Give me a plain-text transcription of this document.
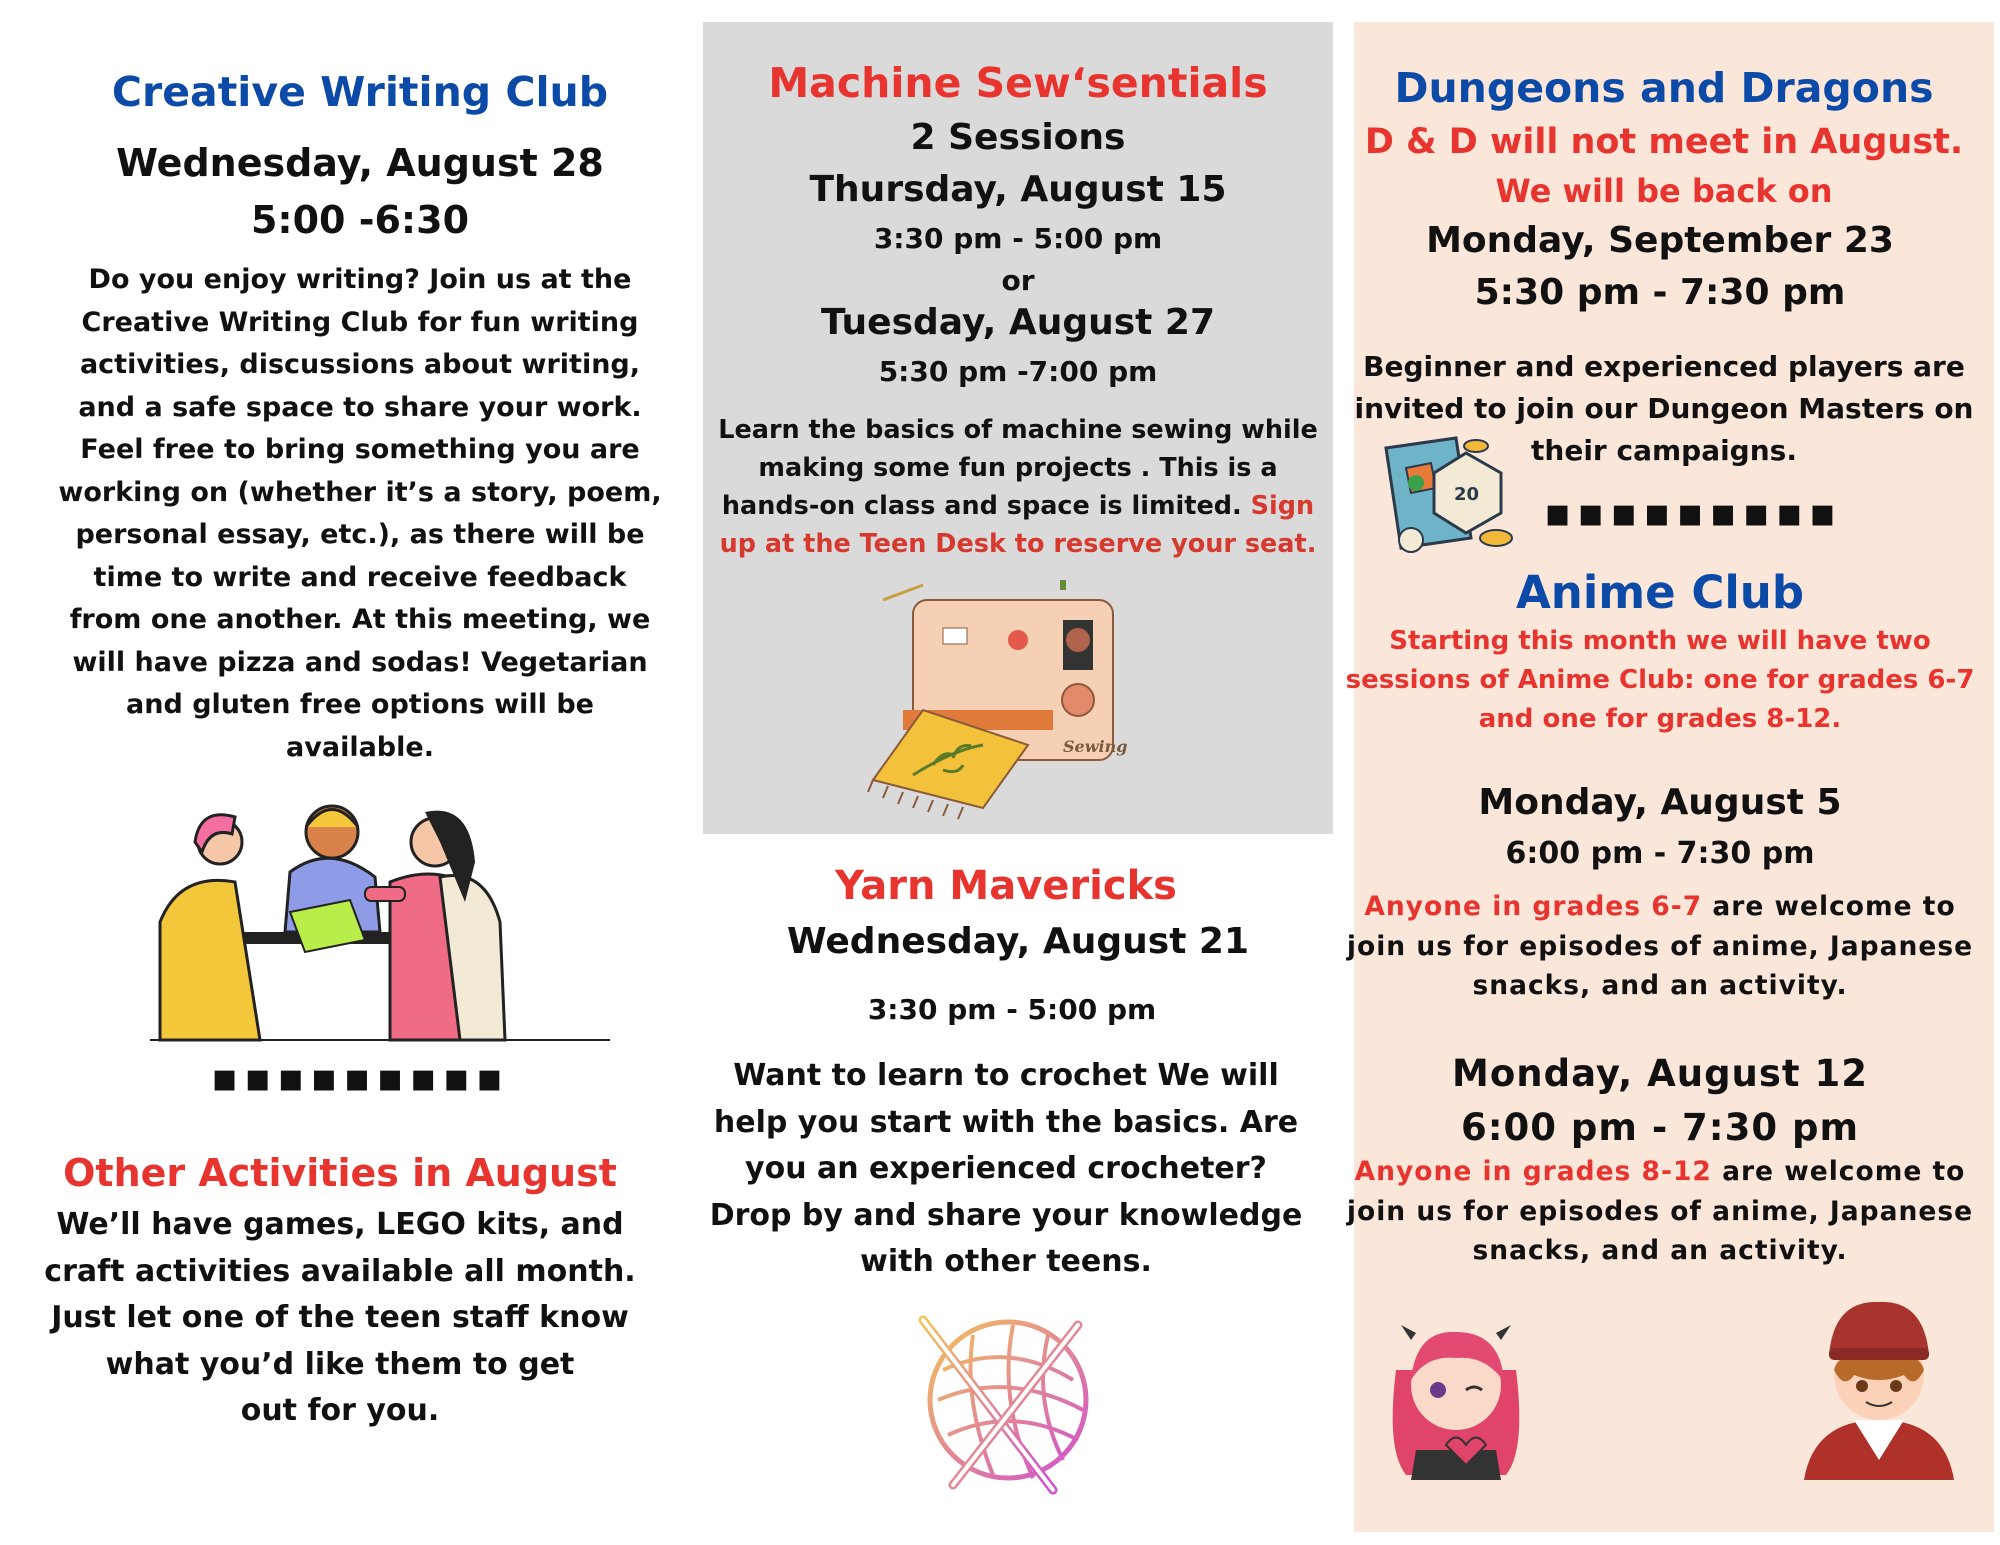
Creative Writing Club
Wednesday, August 28
5:00 -6:30
Do you enjoy writing? Join us at the
Creative Writing Club for fun writing
activities, discussions about writing,
and a safe space to share your work.
Feel free to bring something you are
working on (whether it’s a story, poem,
personal essay, etc.), as there will be
time to write and receive feedback
from one another. At this meeting, we
will have pizza and sodas! Vegetarian
and gluten free options will be
available.
▪▪▪▪▪▪▪▪▪
Other Activities in August
We’ll have games, LEGO kits, and
craft activities available all month.
Just let one of the teen staff know
what you’d like them to get
out for you.
Machine Sew‘sentials
2 Sessions
Thursday, August 15
3:30 pm - 5:00 pm
or
Tuesday, August 27
5:30 pm -7:00 pm
Learn the basics of machine sewing while
making some fun projects . This is a
hands-on class and space is limited. Sign
up at the Teen Desk to reserve your seat.
Sewing
Yarn Mavericks
Wednesday, August 21
3:30 pm - 5:00 pm
Want to learn to crochet We will
help you start with the basics. Are
you an experienced crocheter?
Drop by and share your knowledge
with other teens.
Dungeons and Dragons
D & D will not meet in August.
We will be back on
Monday, September 23
5:30 pm - 7:30 pm
Beginner and experienced players are
invited to join our Dungeon Masters on
their campaigns.
20 ▪▪▪▪▪▪▪▪▪
Anime Club
Starting this month we will have two
sessions of Anime Club: one for grades 6-7
and one for grades 8-12.
Monday, August 5
6:00 pm - 7:30 pm
Anyone in grades 6-7 are welcome to
join us for episodes of anime, Japanese
snacks, and an activity.
Monday, August 12
6:00 pm - 7:30 pm
Anyone in grades 8-12 are welcome to
join us for episodes of anime, Japanese
snacks, and an activity.
